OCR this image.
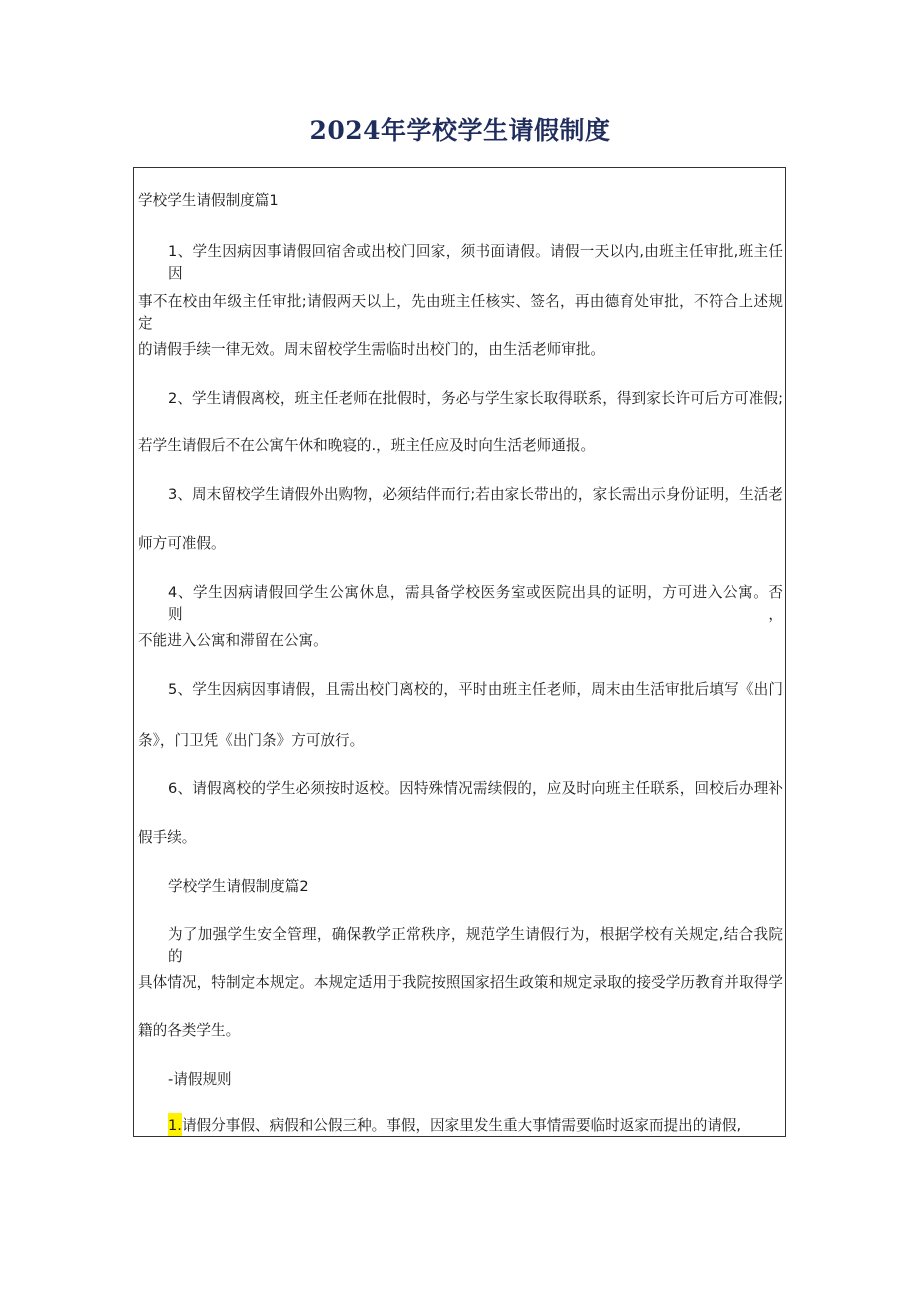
2024年学校学生请假制度
学校学生请假制度篇1
1、学生因病因事请假回宿舍或出校门回家，须书面请假。请假一天以内,由班主任审批,班主任因
事不在校由年级主任审批;请假两天以上，先由班主任核实、签名，再由德育处审批，不符合上述规定
的请假手续一律无效。周末留校学生需临时出校门的，由生活老师审批。
2、学生请假离校，班主任老师在批假时，务必与学生家长取得联系，得到家长许可后方可准假;
若学生请假后不在公寓午休和晚寝的.，班主任应及时向生活老师通报。
3、周末留校学生请假外出购物，必须结伴而行;若由家长带出的，家长需出示身份证明，生活老
师方可准假。
4、学生因病请假回学生公寓休息，需具备学校医务室或医院出具的证明，方可进入公寓。否则，
不能进入公寓和滞留在公寓。
5、学生因病因事请假，且需出校门离校的，平时由班主任老师，周末由生活审批后填写《出门
条》，门卫凭《出门条》方可放行。
6、请假离校的学生必须按时返校。因特殊情况需续假的，应及时向班主任联系，回校后办理补
假手续。
学校学生请假制度篇2
为了加强学生安全管理，确保教学正常秩序，规范学生请假行为，根据学校有关规定,结合我院的
具体情况，特制定本规定。本规定适用于我院按照国家招生政策和规定录取的接受学历教育并取得学
籍的各类学生。
-请假规则
1.请假分事假、病假和公假三种。事假，因家里发生重大事情需要临时返家而提出的请假,
